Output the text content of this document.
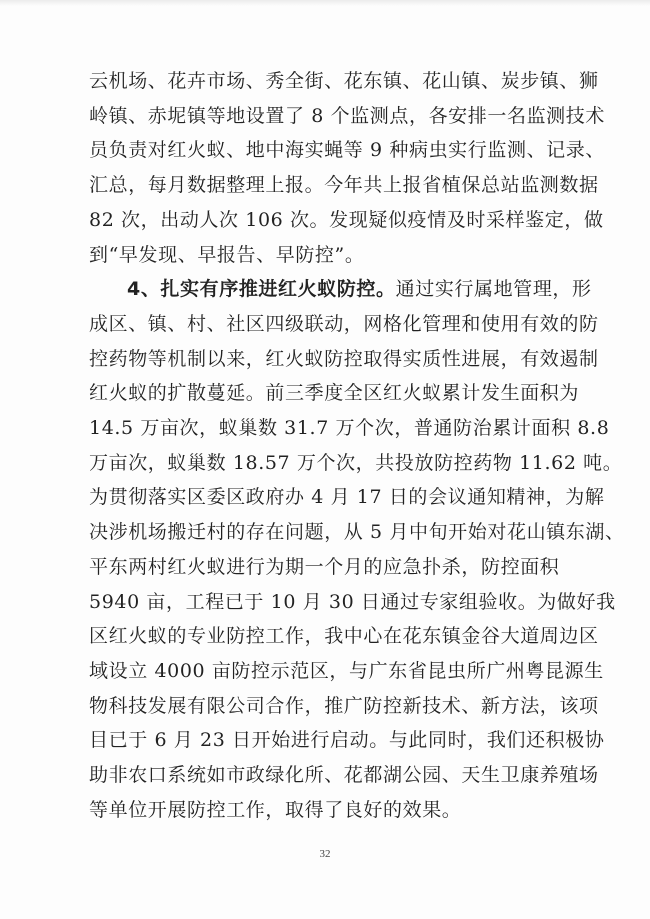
云机场、花卉市场、秀全街、花东镇、花山镇、炭步镇、狮

岭镇、赤坭镇等地设置了 8 个监测点，各安排一名监测技术

员负责对红火蚁、地中海实蝇等 9 种病虫实行监测、记录、

汇总，每月数据整理上报。今年共上报省植保总站监测数据

82 次，出动人次 106 次。发现疑似疫情及时采样鉴定，做

到“早发现、早报告、早防控”。

4、扎实有序推进红火蚁防控。通过实行属地管理，形

成区、镇、村、社区四级联动，网格化管理和使用有效的防

控药物等机制以来，红火蚁防控取得实质性进展，有效遏制

红火蚁的扩散蔓延。前三季度全区红火蚁累计发生面积为

14.5 万亩次，蚁巢数 31.7 万个次，普通防治累计面积 8.8

万亩次，蚁巢数 18.57 万个次，共投放防控药物 11.62 吨。

为贯彻落实区委区政府办 4 月 17 日的会议通知精神，为解

决涉机场搬迁村的存在问题，从 5 月中旬开始对花山镇东湖、

平东两村红火蚁进行为期一个月的应急扑杀，防控面积

5940 亩，工程已于 10 月 30 日通过专家组验收。为做好我

区红火蚁的专业防控工作，我中心在花东镇金谷大道周边区

域设立 4000 亩防控示范区，与广东省昆虫所广州粤昆源生

物科技发展有限公司合作，推广防控新技术、新方法，该项

目已于 6 月 23 日开始进行启动。与此同时，我们还积极协

助非农口系统如市政绿化所、花都湖公园、天生卫康养殖场

等单位开展防控工作，取得了良好的效果。

32
